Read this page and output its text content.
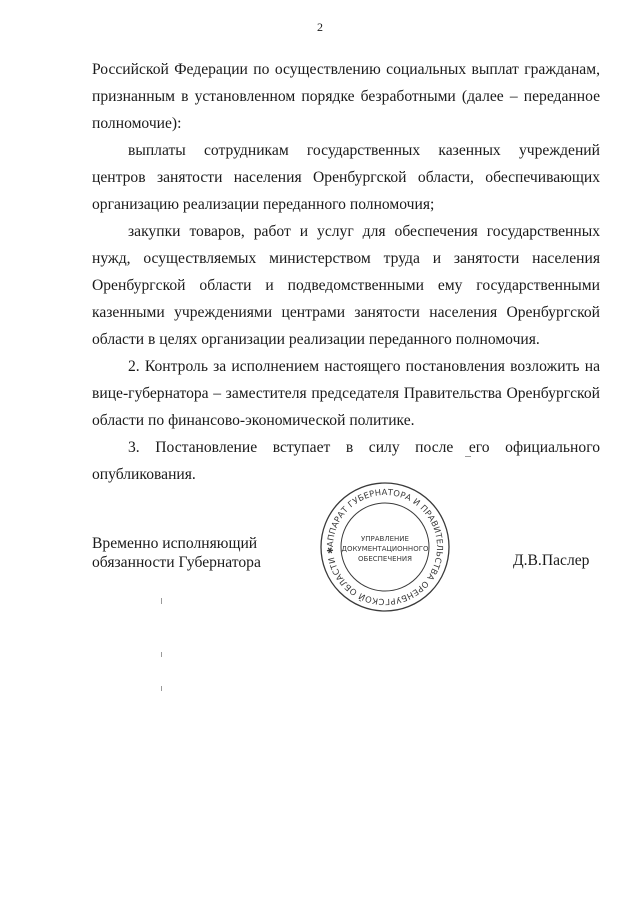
2

Российской Федерации по осуществлению социальных выплат гражданам, признанным в установленном порядке безработными (далее – переданное полномочие):

выплаты сотрудникам государственных казенных учреждений центров занятости населения Оренбургской области, обеспечивающих организацию реализации переданного полномочия;

закупки товаров, работ и услуг для обеспечения государственных нужд, осуществляемых министерством труда и занятости населения Оренбургской области и подведомственными ему государственными казенными учреждениями центрами занятости населения Оренбургской области в целях организации реализации переданного полномочия.

2. Контроль за исполнением настоящего постановления возложить на вице-губернатора – заместителя председателя Правительства Оренбургской области по финансово-экономической политике.

3. Постановление вступает в силу после его официального опубликования.

Временно исполняющий
обязанности Губернатора
АППАРАТ ГУБЕРНАТОРА И ПРАВИТЕЛЬСТВА ОРЕНБУРГСКОЙ ОБЛАСТИ ✱
УПРАВЛЕНИЕ
ДОКУМЕНТАЦИОННОГО
ОБЕСПЕЧЕНИЯ	Д.В.Паслер
